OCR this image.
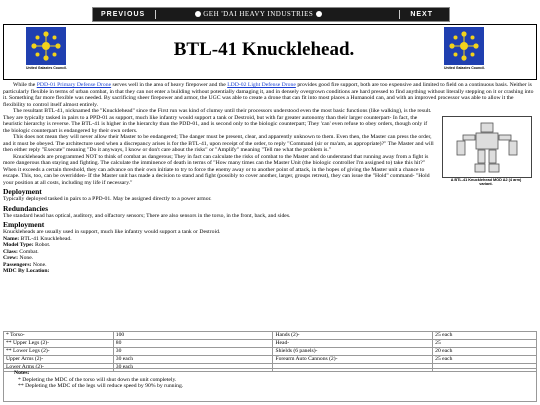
PREVIOUS	GEH 'DAI HEAVY INDUSTRIES	NEXT
United Galaxies Council.
BTL-41 Knucklehead.
United Galaxies Council.
A BTL-41 Knucklehead MOD A2 (4 arm) variant.

While the PDD-01 Primary Defense Drone serves well in the area of heavy firepower and the LDD-02 Light Defense Drone provides good fire support, both are too expensive and limited to field on a continuous basis. Neither is particularly flexible in terms of urban combat, in that they can not enter a building without potentially damaging it, and in densely overgrown conditions are hard pressed to find anything without literally stepping on it or crashing into it. Something far more flexible was needed. By sacrificing sheer firepower and armor, the UGC was able to create a drone that can fit into most places a Humanoid can, and with an improved processor was able to allow it the flexibility to control itself almost entirely.

The resultant BTL-41, nicknamed the "Knucklehead" since the First run was kind of clumsy until their processors understood even the most basic functions (like walking), is the result. They are typically tasked in pairs to a PPD-01 as support, much like infantry would support a tank or Destroid, but with far greater autonomy than their larger counterpart- In fact, the heuristic hierarchy is reverse. The BTL-41 is higher in the hierarchy than the PDD-01, and is second only to the biologic counterpart; They 'can' even refuse to obey orders, though only if the biologic counterpart is endangered by their own orders.

This does not mean they will never allow their Master to be endangered; The danger must be present, clear, and apparently unknown to them. Even then, the Master can press the order, and it must be obeyed. The architecture used when a discrepancy arises is for the BTL-41, upon receipt of the order, to reply "Command (sir or ma'am, as appropriate)?" The Master and will then either reply "Execute" meaning "Do it anyways, I know or don't care about the risks" or "Amplify" meaning "Tell me what the problem is."

Knuckleheads are programmed NOT to think of combat as dangerous; They in fact can calculate the risks of combat to the Master and do understand that running away from a fight is more dangerous than staying and fighting. The calculate the imminence of death in terms of "How many times can the Master Unit (the biologic controller I'm assigned to) take this hit?" When it exceeds a certain threshold, they can advance on their own initiate to try to force the enemy away or to another point of attack, in the hopes of giving the Master unit a chance to escape. This, too, can be overridden- If the Master unit has made a decision to stand and fight (possibly to cover another, larger, groups retreat), they can issue the "Hold" command- "Hold your position at all costs, including my life if necessary."

Deployment

Typically deployed tasked in pairs to a PPD-01. May be assigned directly to a power armor.

Redundancies

The standard head has optical, auditory, and olfactory sensors; There are also sensors in the torso, in the front, back, and sides.

Employment

Knuckleheads are usually used in support, much like infantry would support a tank or Destroid.

Name: BTL-41 Knucklehead.

Model Type: Robot.

Class: Combat.

Crew: None.

Passengers: None.

MDC By Location:

* Torso-	100	Hands (2)-	25 each
** Upper Legs (2)-	80	Head-	25
** Lower Legs (2)-	30	Shields (6 panels)-	20 each
Upper Arms (2)-	30 each	Forearm Auto Cannons (2)-	25 each
Lower Arms (2)-	30 each		
Notes:
* Depleting the MDC of the torso will shut down the unit completely.
** Depleting the MDC of the legs will reduce speed by 90% by running.
